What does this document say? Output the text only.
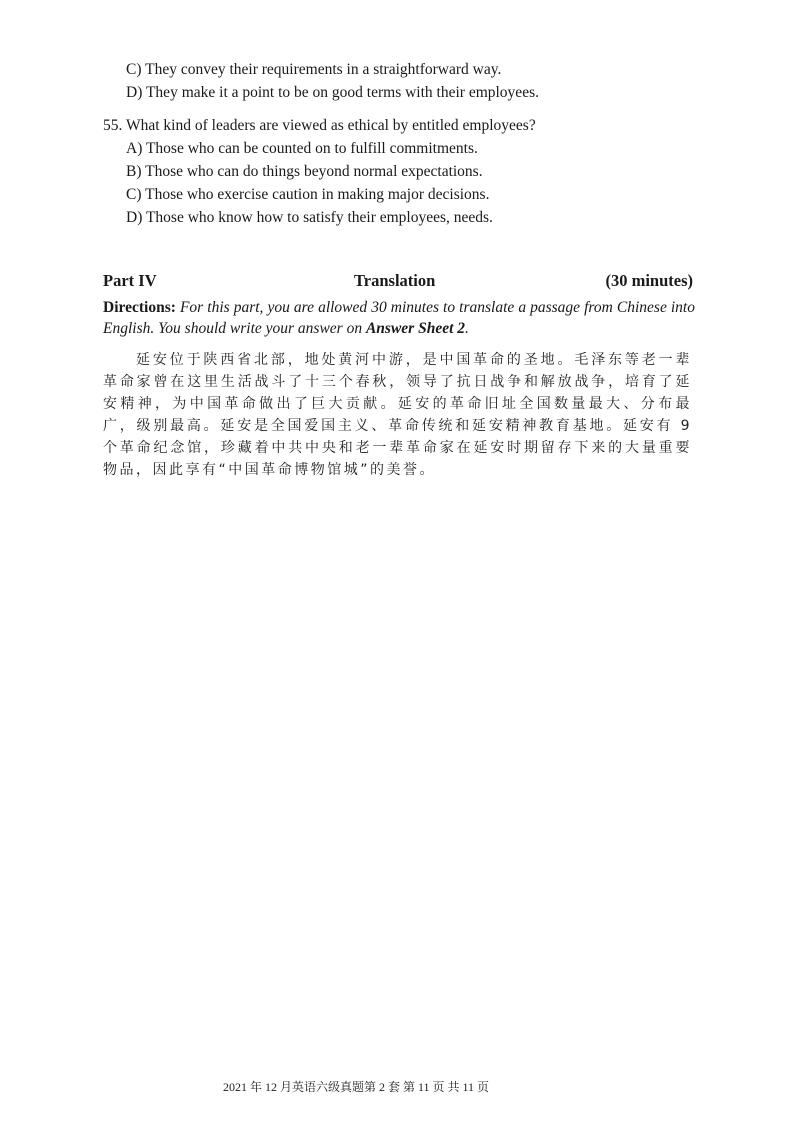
C) They convey their requirements in a straightforward way.
D) They make it a point to be on good terms with their employees.
55. What kind of leaders are viewed as ethical by entitled employees?
A) Those who can be counted on to fulfill commitments.
B) Those who can do things beyond normal expectations.
C) Those who exercise caution in making major decisions.
D) Those who know how to satisfy their employees, needs.
Part IV	Translation	(30 minutes)
Directions: For this part, you are allowed 30 minutes to translate a passage from Chinese into English. You should write your answer on Answer Sheet 2.
延安位于陕西省北部，地处黄河中游，是中国革命的圣地。毛泽东等老一辈革命家曾在这里生活战斗了十三个春秋，领导了抗日战争和解放战争，培育了延安精神，为中国革命做出了巨大贡献。延安的革命旧址全国数量最大、分布最广，级别最高。延安是全国爱国主义、革命传统和延安精神教育基地。延安有 9 个革命纪念馆，珍藏着中共中央和老一辈革命家在延安时期留存下来的大量重要物品，因此享有“中国革命博物馆城”的美誉。
2021 年 12 月英语六级真题第 2 套 第 11 页 共 11 页
